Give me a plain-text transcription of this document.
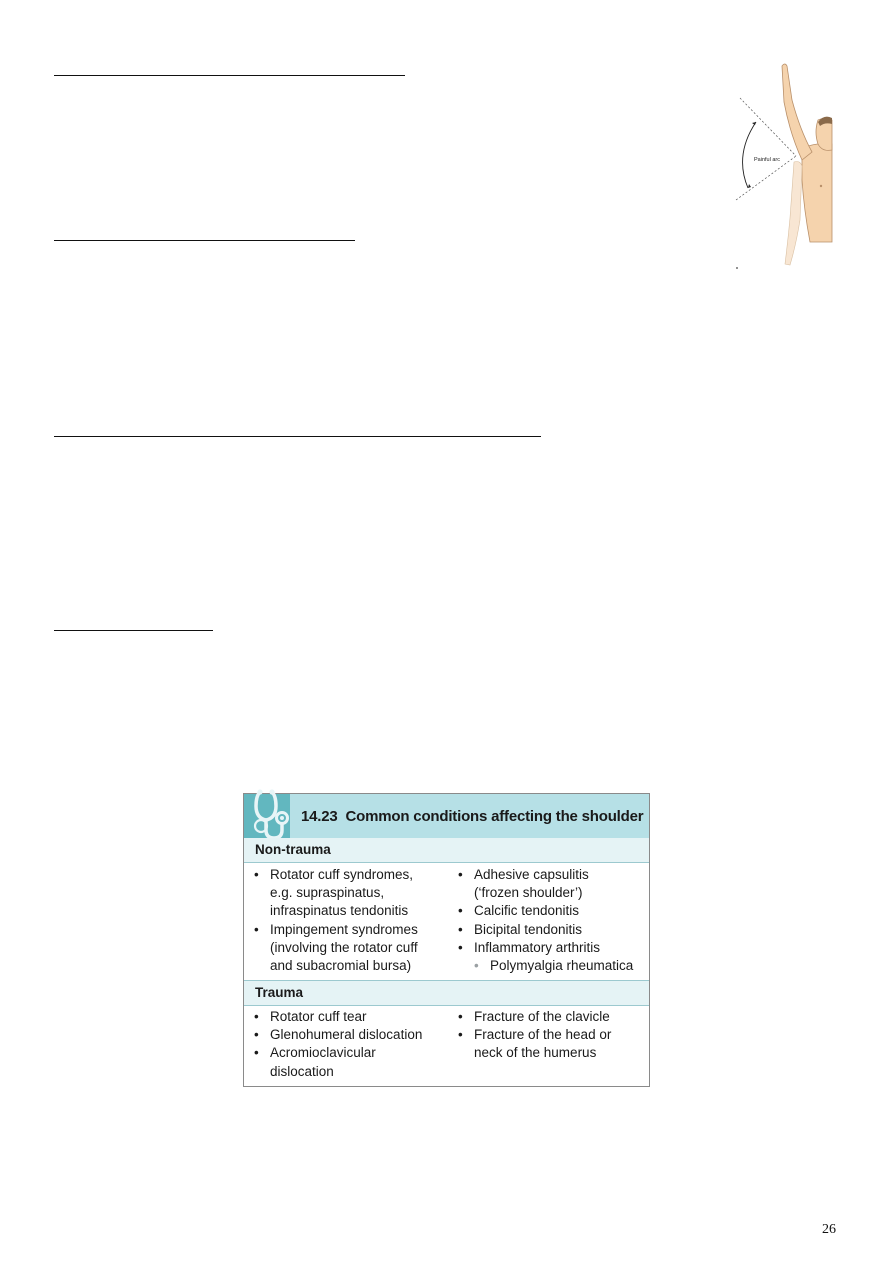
Painful arc
14.23 Common conditions affecting the shoulder
Non-trauma
• Rotator cuff syndromes, e.g. supraspinatus, infraspinatus tendonitis
• Impingement syndromes (involving the rotator cuff and subacromial bursa)
• Adhesive capsulitis (‘frozen shoulder’)
• Calcific tendonitis
• Bicipital tendonitis
• Inflammatory arthritis
• Polymyalgia rheumatica
Trauma
• Rotator cuff tear
• Glenohumeral dislocation
• Acromioclavicular dislocation
• Fracture of the clavicle
• Fracture of the head or neck of the humerus
26
